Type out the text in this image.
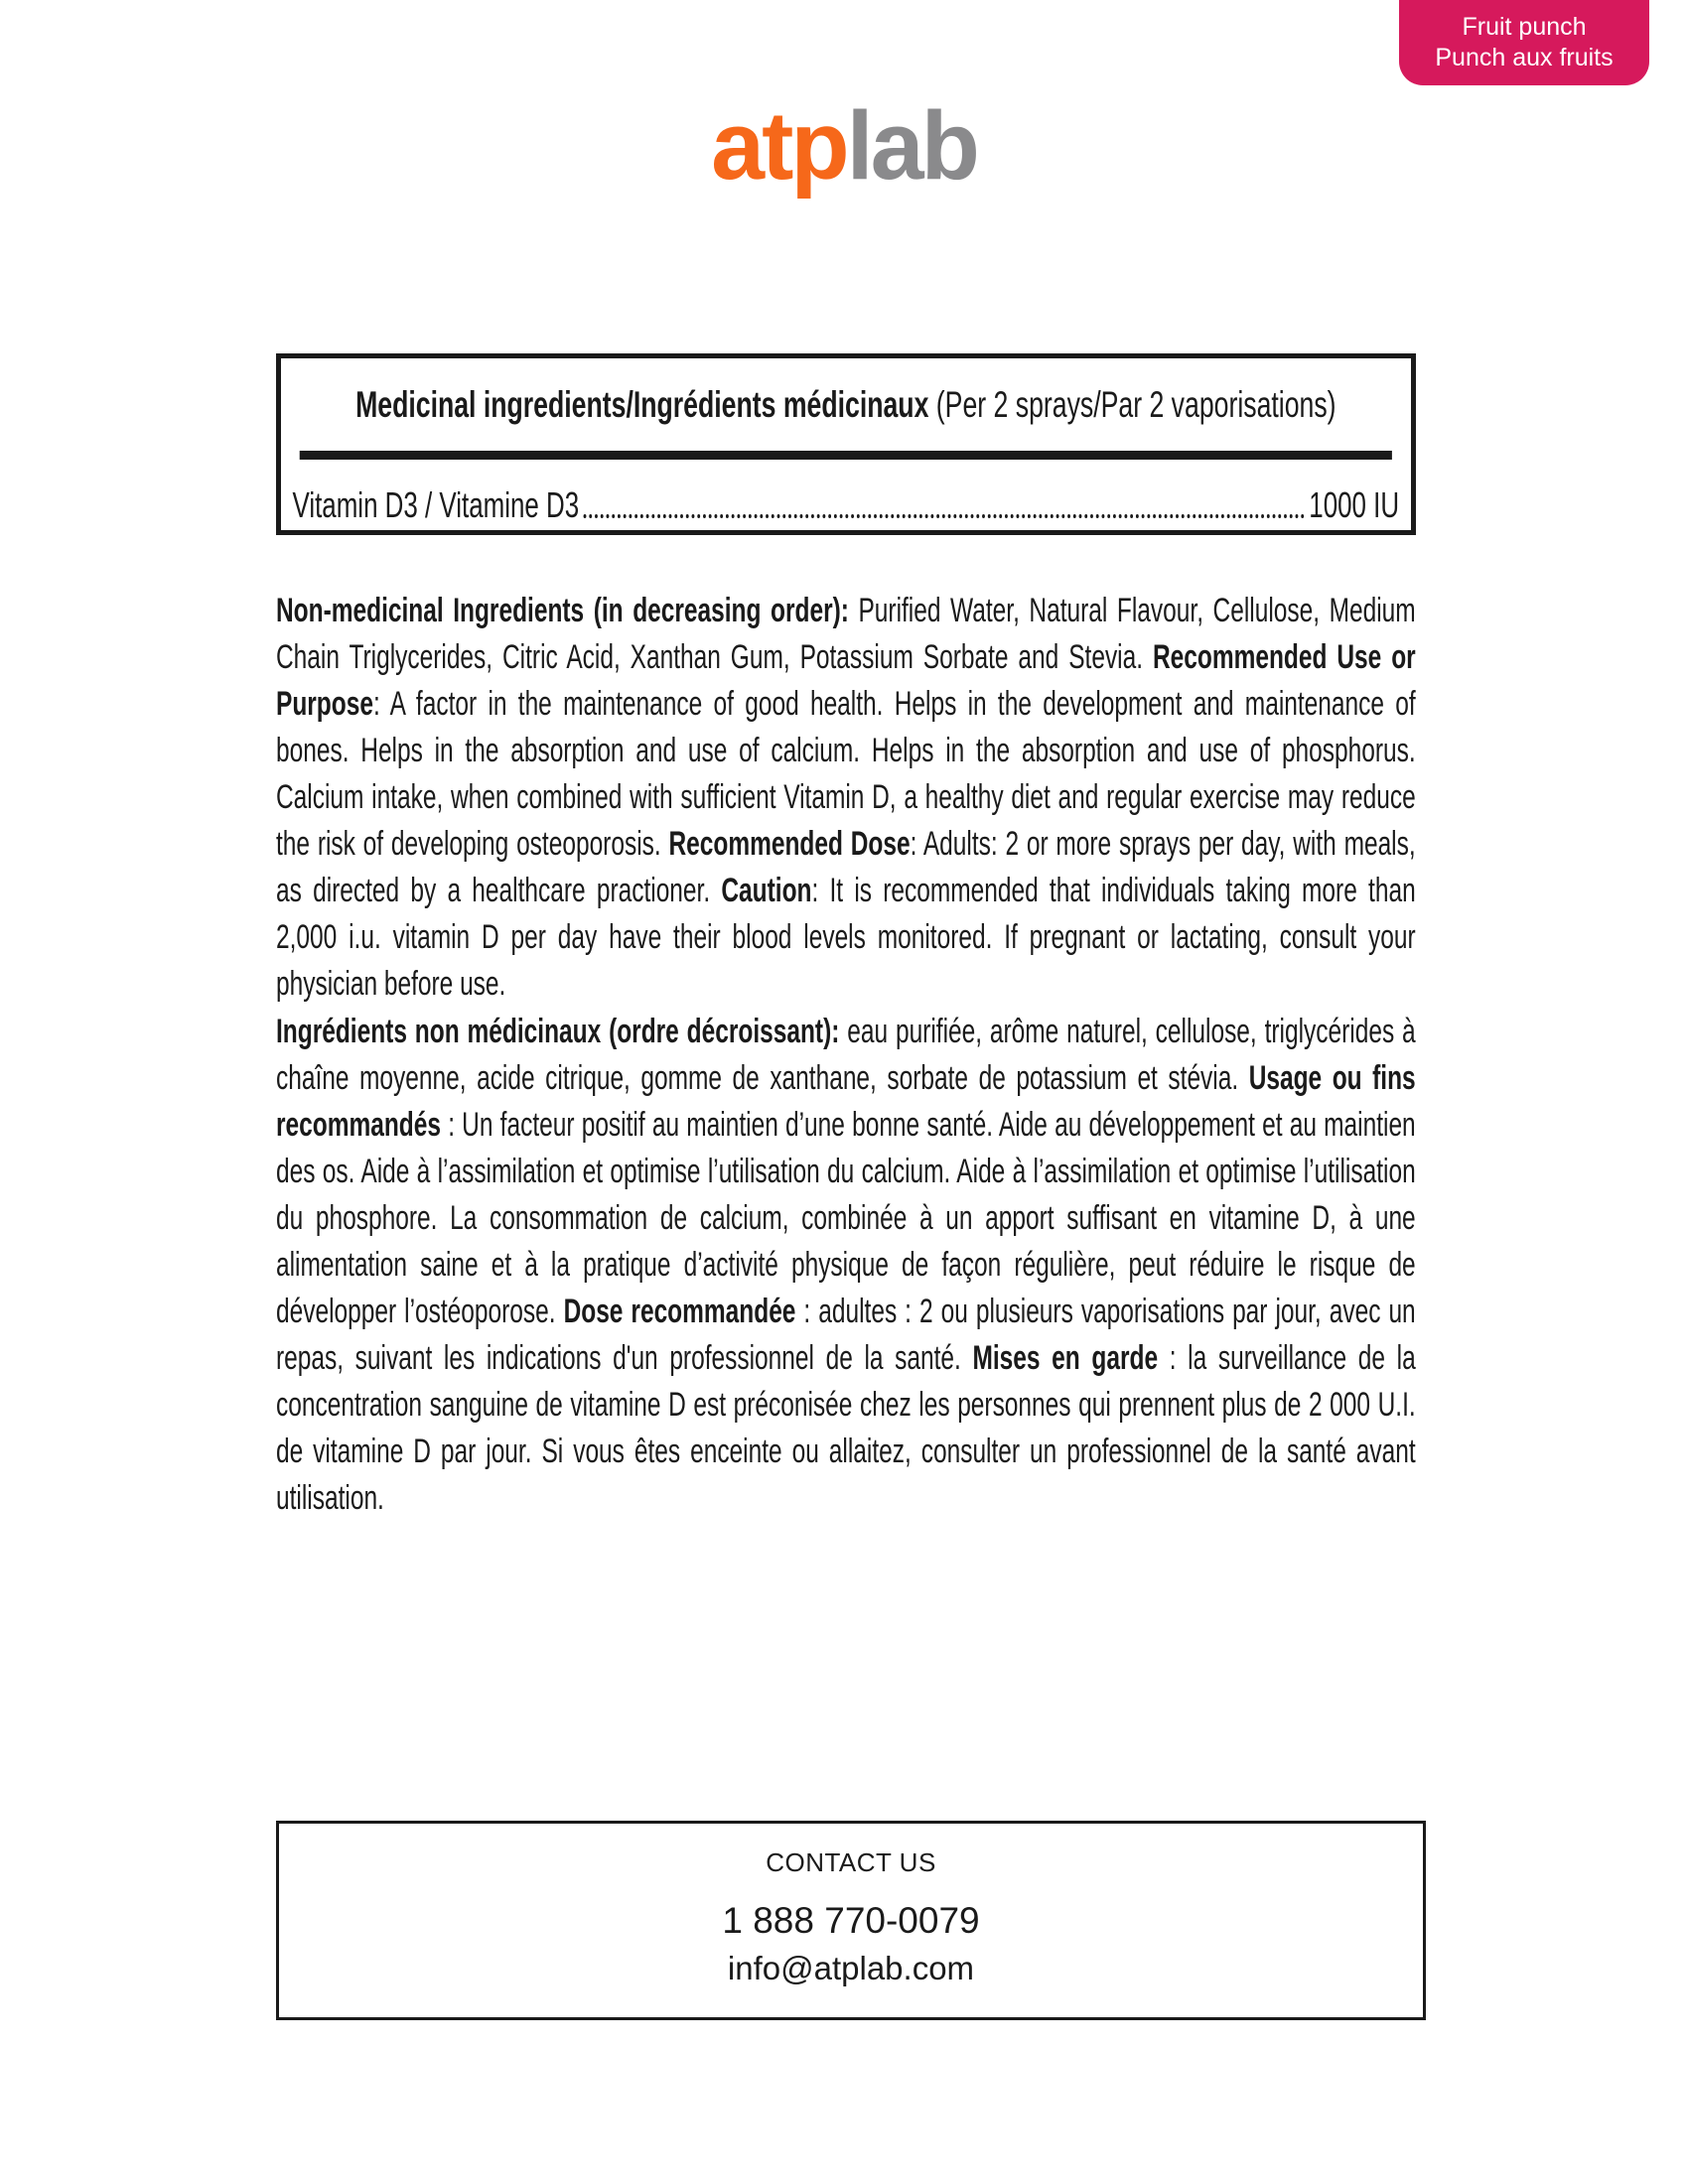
Fruit punch
Punch aux fruits
atplab
Medicinal ingredients/Ingrédients médicinaux (Per 2 sprays/Par 2 vaporisations)
Vitamin D3 / Vitamine D3	1000 IU
Non-medicinal Ingredients (in decreasing order): Purified Water, Natural Flavour, Cellulose, Medium Chain Triglycerides, Citric Acid, Xanthan Gum, Potassium Sorbate and Stevia. Recommended Use or Purpose: A factor in the maintenance of good health. Helps in the development and maintenance of bones. Helps in the absorption and use of calcium. Helps in the absorption and use of phosphorus. Calcium intake, when combined with sufficient Vitamin D, a healthy diet and regular exercise may reduce the risk of developing osteoporosis. Recommended Dose: Adults: 2 or more sprays per day, with meals, as directed by a healthcare practioner. Caution: It is recommended that individuals taking more than 2,000 i.u. vitamin D per day have their blood levels monitored. If pregnant or lactating, consult your physician before use.
Ingrédients non médicinaux (ordre décroissant): eau purifiée, arôme naturel, cellulose, triglycérides à chaîne moyenne, acide citrique, gomme de xanthane, sorbate de potassium et stévia. Usage ou fins recommandés : Un facteur positif au maintien d’une bonne santé. Aide au développement et au maintien des os. Aide à l’assimilation et optimise l’utilisation du calcium. Aide à l’assimilation et optimise l’utilisation du phosphore. La consommation de calcium, combinée à un apport suffisant en vitamine D, à une alimentation saine et à la pratique d’activité physique de façon régulière, peut réduire le risque de développer l’ostéoporose. Dose recommandée : adultes : 2 ou plusieurs vaporisations par jour, avec un repas, suivant les indications d'un professionnel de la santé. Mises en garde : la surveillance de la concentration sanguine de vitamine D est préconisée chez les personnes qui prennent plus de 2 000 U.I. de vitamine D par jour. Si vous êtes enceinte ou allaitez, consulter un professionnel de la santé avant utilisation.
CONTACT US
1 888 770-0079
info@atplab.com
